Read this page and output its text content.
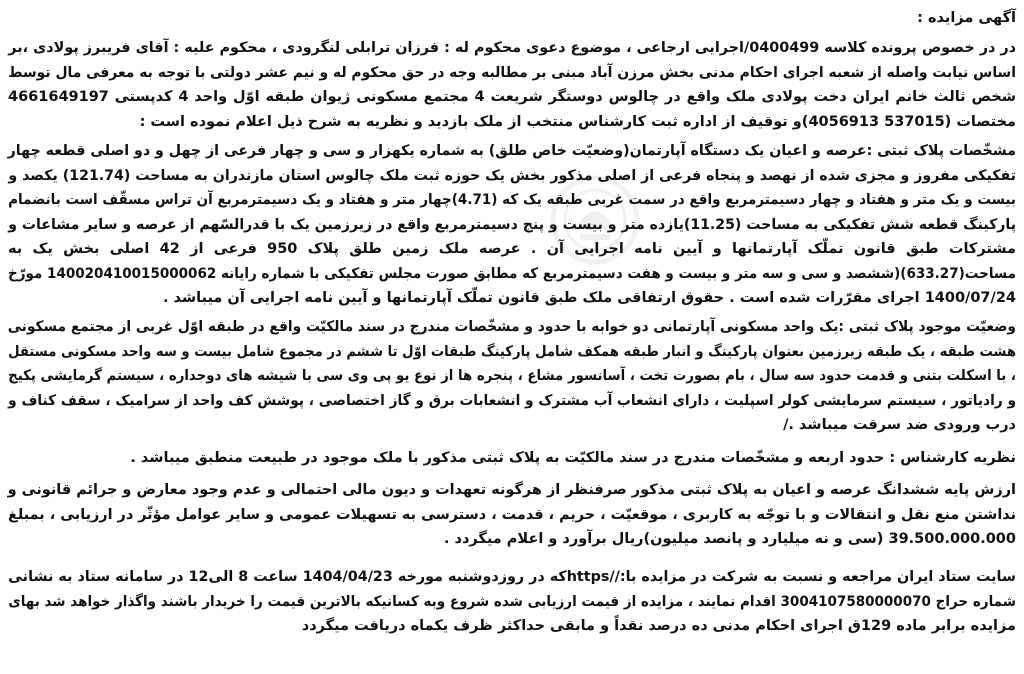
آگهی مزایده :
در در خصوص پرونده کلاسه 0400499/اجرایی ارجاعی ، موضوع دعوی محکوم له : فرزان ترابلی لنگرودی ، محکوم علیه : آقای فریبرز پولادی ،بر
اساس نیابت واصله از شعبه اجرای احکام مدنی بخش مرزن آباد مبنی بر مطالبه وجه در حق محکوم له و نیم عشر دولتی با توجه به معرفی مال توسط
شخص ثالث خانم ایران دخت پولادی ملک واقع در چالوس دوستگر شریعت 4 مجتمع مسکونی ژیوان طبقه اوّل واحد 4 کدپستی 4661649197
مختصات (537015 4056913)و توقیف از اداره ثبت کارشناس منتخب از ملک بازدید و نظریه به شرح ذیل اعلام نموده است :
مشخّصات پلاک ثبتی :عرصه و اعیان یک دستگاه آپارتمان(وضعیّت خاص طلق) به شماره یکهزار و سی و چهار فرعی از چهل و دو اصلی قطعه چهار
تفکیکی مفروز و مجزی شده از نهصد و پنجاه فرعی از اصلی مذکور بخش یک حوزه ثبت ملک چالوس استان مازندران به مساحت (121.74) یکصد و
بیست و یک متر و هفتاد و چهار دسیمترمربع واقع در سمت غربی طبقه یک که (4.71)چهار متر و هفتاد و یک دسیمترمربع آن تراس مسقّف است بانضمام
پارکینگ قطعه شش تفکیکی به مساحت (11.25)یازده متر و بیست و پنج دسیمترمربع واقع در زیرزمین یک با قدرالسّهم از عرصه و سایر مشاعات و
مشترکات طبق قانون تملّک آپارتمانها و آیین نامه اجرایی آن . عرصه ملک زمین طلق پلاک 950 فرعی از 42 اصلی بخش یک به
مساحت(633.27)(ششصد و سی و سه متر و بیست و هفت دسیمترمربع که مطابق صورت مجلس تفکیکی با شماره رایانه 140020410015000062 مورّخ
1400/07/24 اجرای مقرّرات شده است . حقوق ارتفاقی ملک طبق قانون تملّک آپارتمانها و آیین نامه اجرایی آن میباشد .
وضعیّت موجود پلاک ثبتی :یک واحد مسکونی آپارتمانی دو خوابه با حدود و مشخّصات مندرج در سند مالکیّت واقع در طبقه اوّل غربی از مجتمع مسکونی
هشت طبقه ، یک طبقه زیرزمین بعنوان پارکینگ و انبار طبقه همکف شامل پارکینگ طبقات اوّل تا ششم در مجموع شامل بیست و سه واحد مسکونی مستقل
، با اسکلت بتنی و قدمت حدود سه سال ، بام بصورت تخت ، آسانسور مشاع ، پنجره ها از نوع یو پی وی سی با شیشه های دوجداره ، سیستم گرمایشی پکیج
و رادیاتور ، سیستم سرمایشی کولر اسپلیت ، دارای انشعاب آب مشترک و انشعابات برق و گاز اختصاصی ، پوشش کف واحد از سرامیک ، سقف کناف و
درب ورودی ضد سرقت میباشد ./
نظریه کارشناس : حدود اربعه و مشخّصات مندرج در سند مالکیّت به پلاک ثبتی مذکور با ملک موجود در طبیعت منطبق میباشد .
ارزش پایه ششدانگ عرصه و اعیان به پلاک ثبتی مذکور صرفنظر از هرگونه تعهدات و دیون مالی احتمالی و عدم وجود معارض و جرائم قانونی و
نداشتن منع نقل و انتقالات و با توجّه به کاربری ، موقعیّت ، حریم ، قدمت ، دسترسی به تسهیلات عمومی و سایر عوامل مؤثّر در ارزیابی ، بمبلغ
39.500.000.000 (سی و نه میلیارد و پانصد میلیون)ریال برآورد و اعلام میگردد .
سایت ستاد ایران مراجعه و نسبت به شرکت در مزایده با://httpsکه در روزدوشنبه مورخه 1404/04/23 ساعت 8 الی12 در سامانه ستاد به نشانی
شماره حراج 3004107580000070 اقدام نمایند ، مزایده از قیمت ارزیابی شده شروع وبه کسانیکه بالاترین قیمت را خریدار باشند واگذار خواهد شد بهای
مزایده برابر ماده 129ق اجرای احکام مدنی ده درصد نقداً و مابقی حداکثر ظرف یکماه دریافت میگردد
